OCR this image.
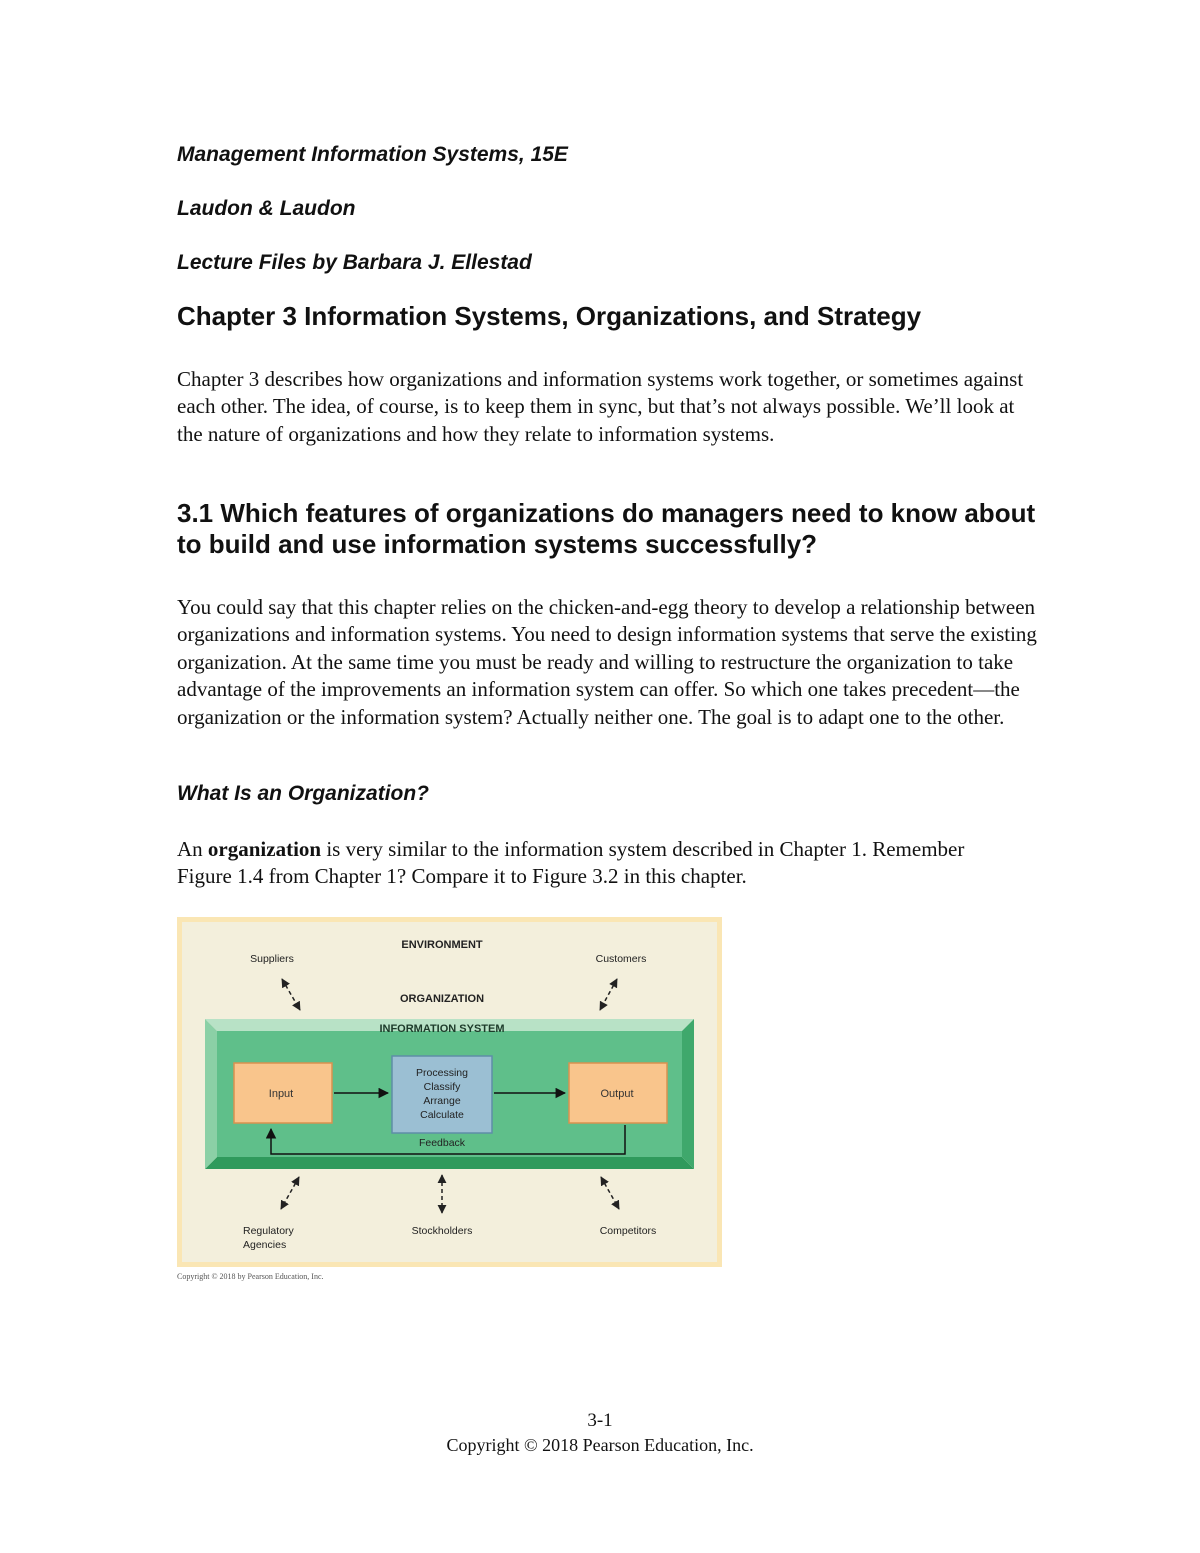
Management Information Systems, 15E
Laudon & Laudon
Lecture Files by Barbara J. Ellestad
Chapter 3 Information Systems, Organizations, and Strategy

Chapter 3 describes how organizations and information systems work together, or sometimes against each other. The idea, of course, is to keep them in sync, but that’s not always possible. We’ll look at the nature of organizations and how they relate to information systems.

3.1 Which features of organizations do managers need to know about to build and use information systems successfully?

You could say that this chapter relies on the chicken-and-egg theory to develop a relationship between organizations and information systems. You need to design information systems that serve the existing organization. At the same time you must be ready and willing to restructure the organization to take advantage of the improvements an information system can offer. So which one takes precedent—the organization or the information system? Actually neither one. The goal is to adapt one to the other.

What Is an Organization?

An organization is very similar to the information system described in Chapter 1. Remember Figure 1.4 from Chapter 1? Compare it to Figure 3.2 in this chapter.

ENVIRONMENT
ORGANIZATION
Suppliers	Customers
INFORMATION SYSTEM
Input
Processing
Classify
Arrange
Calculate
Output
Feedback
Regulatory
Agencies
Stockholders	Competitors
Copyright © 2018 by Pearson Education, Inc.
3-1
Copyright © 2018 Pearson Education, Inc.
